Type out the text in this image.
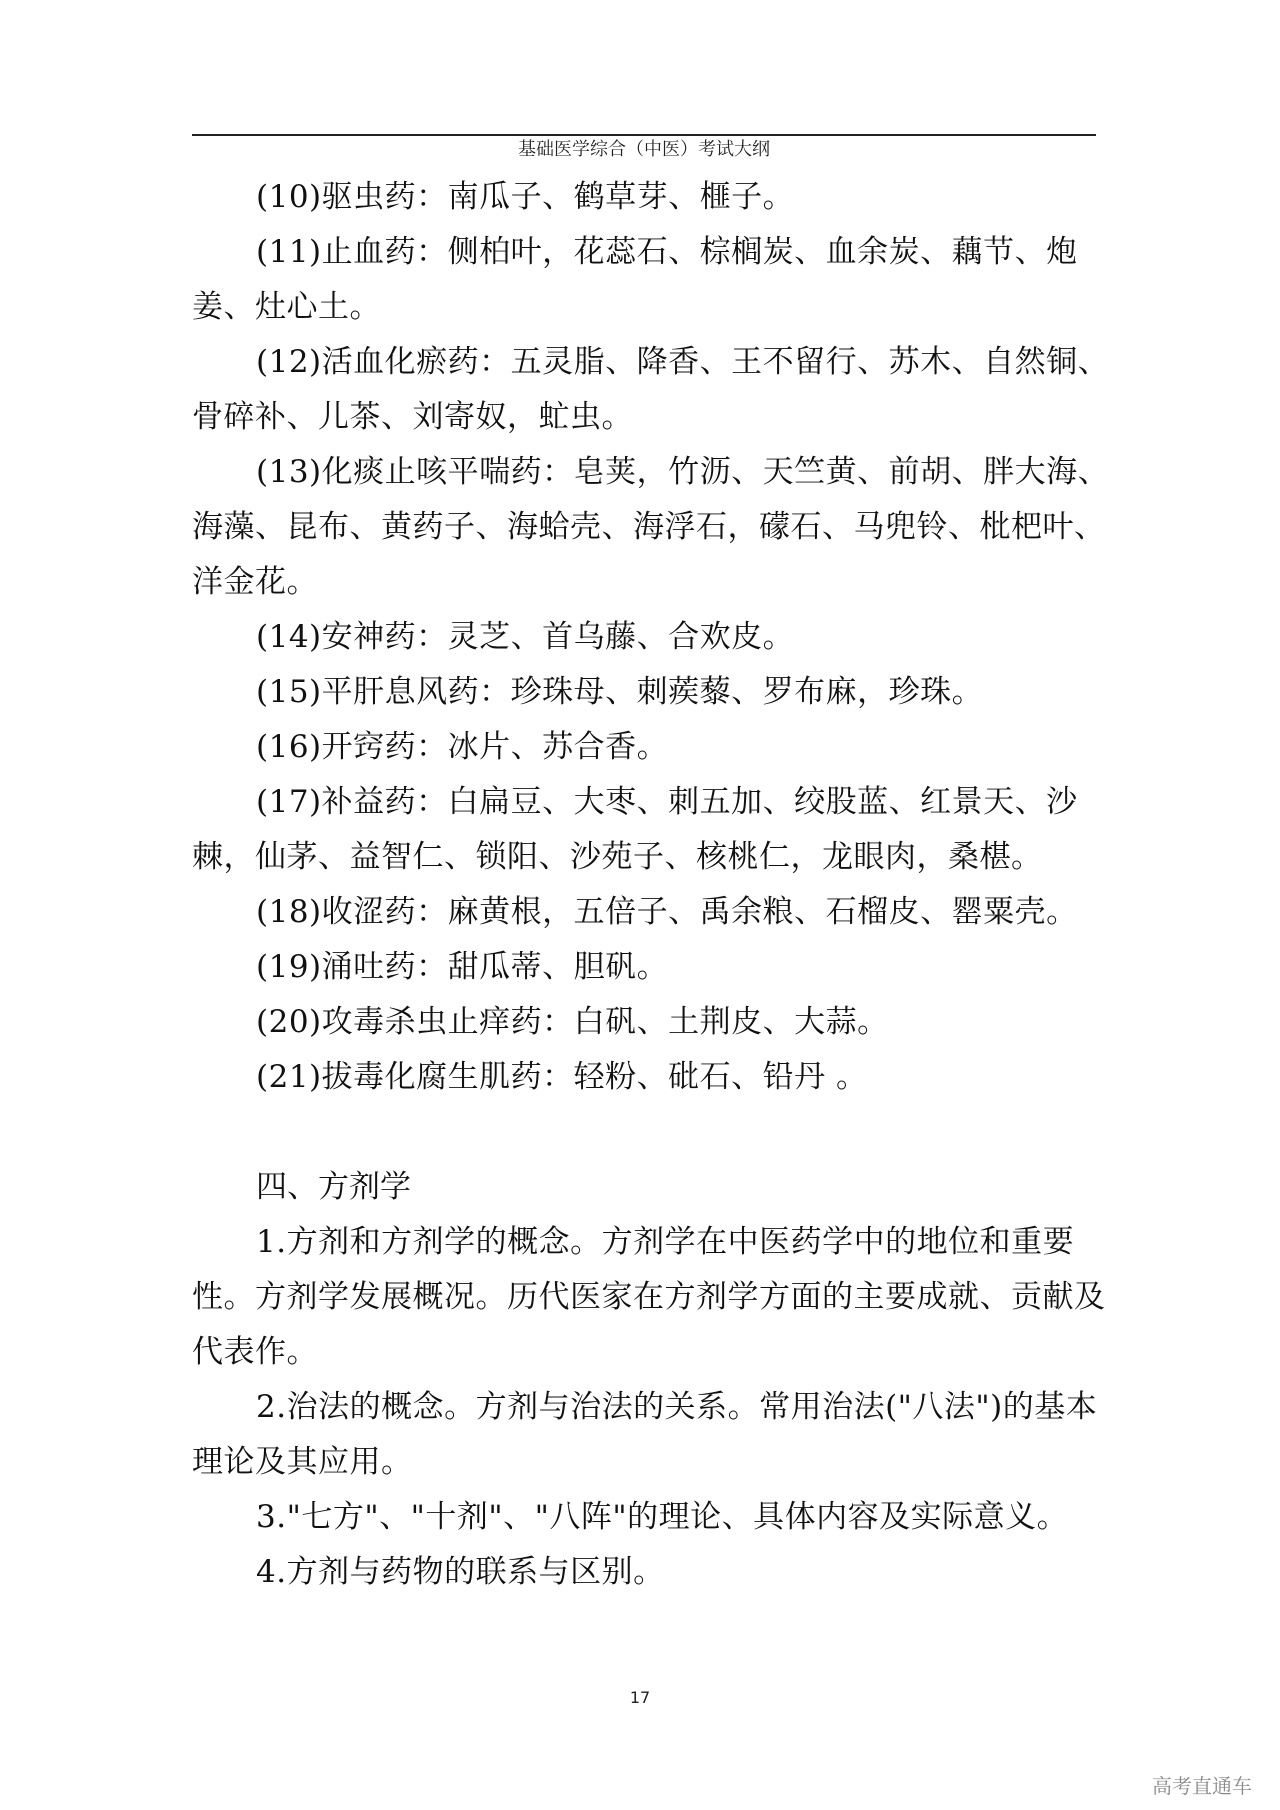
基础医学综合（中医）考试大纲
(10)驱虫药：南瓜子、鹤草芽、榧子。
(11)止血药：侧柏叶，花蕊石、棕榈炭、血余炭、藕节、炮姜、灶心土。
(12)活血化瘀药：五灵脂、降香、王不留行、苏木、自然铜、骨碎补、儿茶、刘寄奴，虻虫。
(13)化痰止咳平喘药：皂荚，竹沥、天竺黄、前胡、胖大海、海藻、昆布、黄药子、海蛤壳、海浮石，礞石、马兜铃、枇杷叶、洋金花。
(14)安神药：灵芝、首乌藤、合欢皮。
(15)平肝息风药：珍珠母、刺蒺藜、罗布麻，珍珠。
(16)开窍药：冰片、苏合香。
(17)补益药：白扁豆、大枣、刺五加、绞股蓝、红景天、沙棘，仙茅、益智仁、锁阳、沙苑子、核桃仁，龙眼肉，桑椹。
(18)收涩药：麻黄根，五倍子、禹余粮、石榴皮、罂粟壳。
(19)涌吐药：甜瓜蒂、胆矾。
(20)攻毒杀虫止痒药：白矾、土荆皮、大蒜。
(21)拔毒化腐生肌药：轻粉、砒石、铅丹 。
四、方剂学
1.方剂和方剂学的概念。方剂学在中医药学中的地位和重要性。方剂学发展概况。历代医家在方剂学方面的主要成就、贡献及代表作。
2.治法的概念。方剂与治法的关系。常用治法("八法")的基本理论及其应用。
3."七方"、"十剂"、"八阵"的理论、具体内容及实际意义。
4.方剂与药物的联系与区别。
17
高考直通车
